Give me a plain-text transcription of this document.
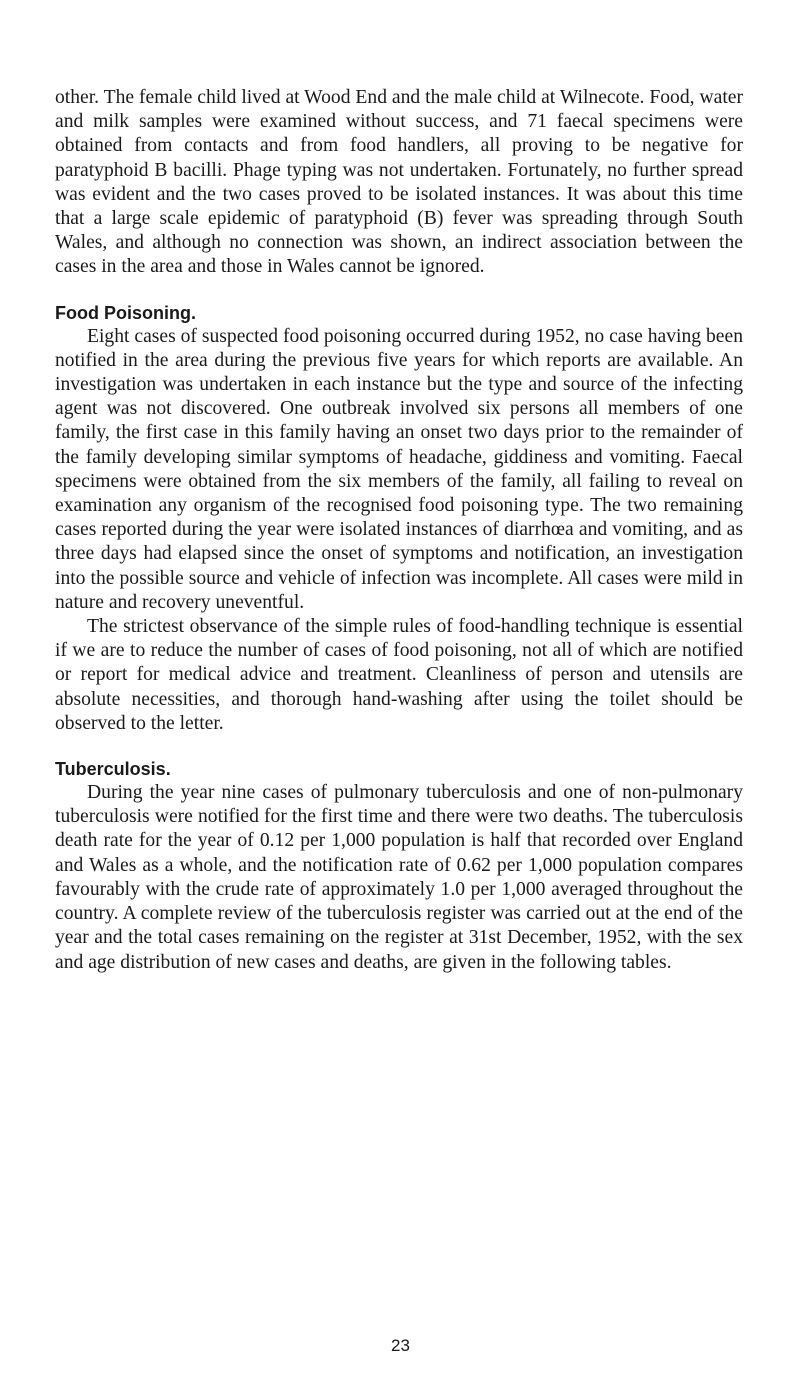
other. The female child lived at Wood End and the male child at Wilnecote. Food, water and milk samples were examined without success, and 71 faecal specimens were obtained from contacts and from food handlers, all proving to be negative for paratyphoid B bacilli. Phage typing was not undertaken. Fortunately, no further spread was evident and the two cases proved to be isolated instances. It was about this time that a large scale epidemic of paratyphoid (B) fever was spreading through South Wales, and although no connection was shown, an indirect association between the cases in the area and those in Wales cannot be ignored.

Food Poisoning.

Eight cases of suspected food poisoning occurred during 1952, no case having been notified in the area during the previous five years for which reports are available. An investigation was undertaken in each instance but the type and source of the infecting agent was not discovered. One outbreak involved six persons all members of one family, the first case in this family having an onset two days prior to the remainder of the family developing similar symptoms of headache, giddiness and vomiting. Faecal specimens were obtained from the six members of the family, all failing to reveal on examination any organism of the recognised food poisoning type. The two remaining cases reported during the year were isolated instances of diarrhœa and vomiting, and as three days had elapsed since the onset of symptoms and notification, an investigation into the possible source and vehicle of infection was incomplete. All cases were mild in nature and recovery uneventful.

The strictest observance of the simple rules of food-handling technique is essential if we are to reduce the number of cases of food poisoning, not all of which are notified or report for medical advice and treatment. Cleanliness of person and utensils are absolute necessities, and thorough hand-washing after using the toilet should be observed to the letter.

Tuberculosis.

During the year nine cases of pulmonary tuberculosis and one of non-pulmonary tuberculosis were notified for the first time and there were two deaths. The tuberculosis death rate for the year of 0.12 per 1,000 population is half that recorded over England and Wales as a whole, and the notification rate of 0.62 per 1,000 population compares favourably with the crude rate of approximately 1.0 per 1,000 averaged throughout the country. A complete review of the tuberculosis register was carried out at the end of the year and the total cases remaining on the register at 31st December, 1952, with the sex and age distribution of new cases and deaths, are given in the following tables.

23
